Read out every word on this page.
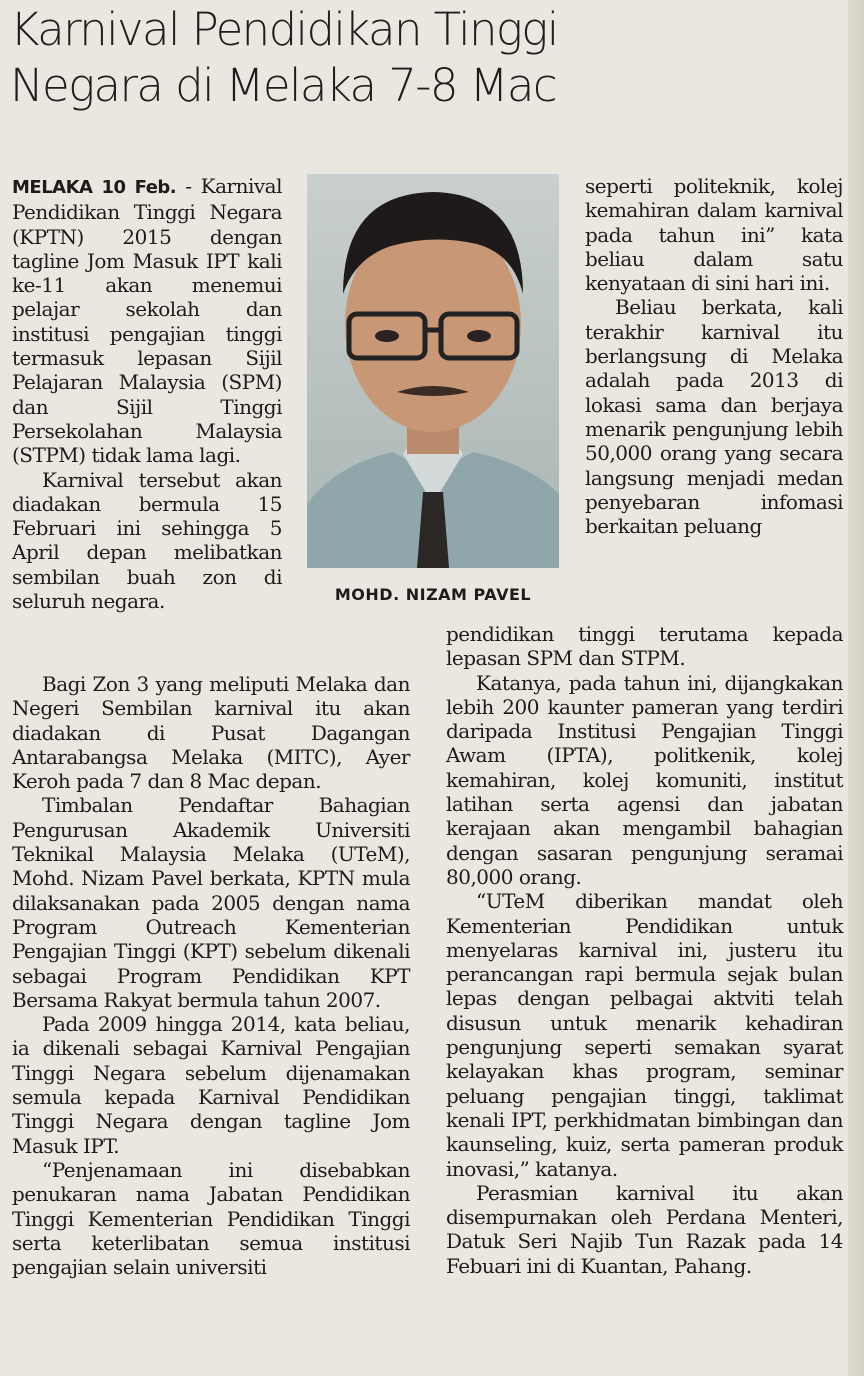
Karnival Pendidikan Tinggi
Negara di Melaka 7-8 Mac

MELAKA 10 Feb. - Karnival Pendidikan Tinggi Negara (KPTN) 2015 dengan tagline Jom Masuk IPT kali ke-11 akan menemui pelajar sekolah dan institusi pengajian tinggi termasuk lepasan Sijil Pelajaran Malaysia (SPM) dan Sijil Tinggi Persekolahan Malaysia (STPM) tidak lama lagi.

Karnival tersebut akan diadakan bermula 15 Februari ini sehingga 5 April depan melibatkan sembilan buah zon di seluruh negara.	MOHD. NIZAM PAVEL

seperti politeknik, kolej kemahiran dalam karnival pada tahun ini” kata beliau dalam satu kenyataan di sini hari ini.

Beliau berkata, kali terakhir karnival itu berlangsung di Melaka adalah pada 2013 di lokasi sama dan berjaya menarik pengunjung lebih 50,000 orang yang secara langsung menjadi medan penyebaran infomasi berkaitan peluang

Bagi Zon 3 yang meliputi Melaka dan Negeri Sembilan karnival itu akan diadakan di Pusat Dagangan Antarabangsa Melaka (MITC), Ayer Keroh pada 7 dan 8 Mac depan.

Timbalan Pendaftar Bahagian Pengurusan Akademik Universiti Teknikal Malaysia Melaka (UTeM), Mohd. Nizam Pavel berkata, KPTN mula dilaksanakan pada 2005 dengan nama Program Outreach Kementerian Pengajian Tinggi (KPT) sebelum dikenali sebagai Program Pendidikan KPT Bersama Rakyat bermula tahun 2007.

Pada 2009 hingga 2014, kata beliau, ia dikenali sebagai Karnival Pengajian Tinggi Negara sebelum dijenamakan semula kepada Karnival Pendidikan Tinggi Negara dengan tagline Jom Masuk IPT.

“Penjenamaan ini disebabkan penukaran nama Jabatan Pendidikan Tinggi Kementerian Pendidikan Tinggi serta keterlibatan semua institusi pengajian selain universiti

pendidikan tinggi terutama kepada lepasan SPM dan STPM.

Katanya, pada tahun ini, dijangkakan lebih 200 kaunter pameran yang terdiri daripada Institusi Pengajian Tinggi Awam (IPTA), politkenik, kolej kemahiran, kolej komuniti, institut latihan serta agensi dan jabatan kerajaan akan mengambil bahagian dengan sasaran pengunjung seramai 80,000 orang.

“UTeM diberikan mandat oleh Kementerian Pendidikan untuk menyelaras karnival ini, justeru itu perancangan rapi bermula sejak bulan lepas dengan pelbagai aktviti telah disusun untuk menarik kehadiran pengunjung seperti semakan syarat kelayakan khas program, seminar peluang pengajian tinggi, taklimat kenali IPT, perkhidmatan bimbingan dan kaunseling, kuiz, serta pameran produk inovasi,” katanya.

Perasmian karnival itu akan disempurnakan oleh Perdana Menteri, Datuk Seri Najib Tun Razak pada 14 Febuari ini di Kuantan, Pahang.
